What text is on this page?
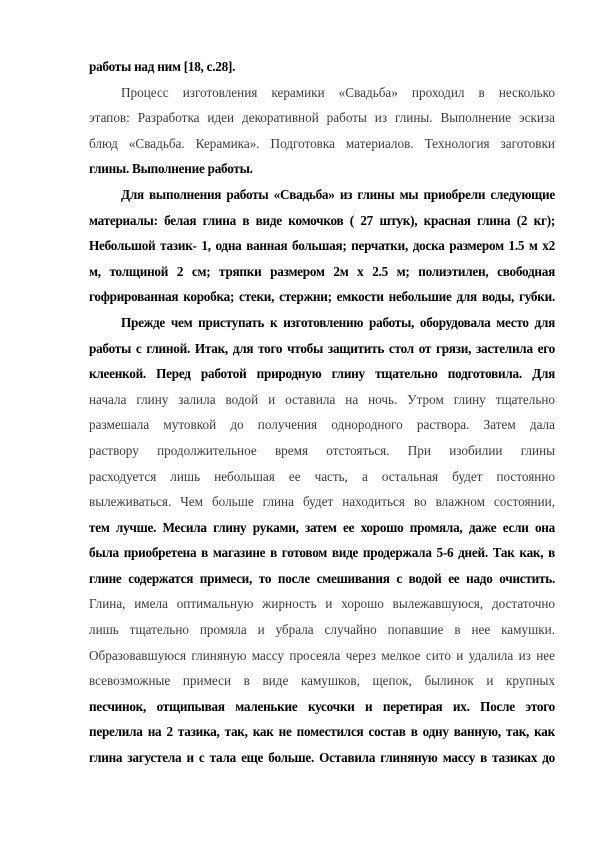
работы над ним [18, с.28].
Процесс изготовления керамики «Свадьба» проходил в несколько
этапов: Разработка идеи декоративной работы из глины. Выполнение эскиза
блюд «Свадьба. Керамика». Подготовка материалов. Технология заготовки
глины. Выполнение работы.
Для выполнения работы «Свадьба» из глины мы приобрели следующие
материалы: белая глина в виде комочков ( 27 штук), красная глина (2 кг);
Небольшой тазик- 1, одна ванная большая; перчатки, доска размером 1.5 м х2
м, толщиной 2 см; тряпки размером 2м х 2.5 м; полиэтилен, свободная
гофрированная коробка; стеки, стержни; емкости небольшие для воды, губки.
Прежде чем приступать к изготовлению работы, оборудовала место для
работы с глиной. Итак, для того чтобы защитить стол от грязи, застелила его
клеенкой. Перед работой природную глину тщательно подготовила. Для
начала глину залила водой и оставила на ночь. Утром глину тщательно
размешала мутовкой до получения однородного раствора. Затем дала
раствору продолжительное время отстояться. При изобилии глины
расходуется лишь небольшая ее часть, а остальная будет постоянно
вылеживаться. Чем больше глина будет находиться во влажном состоянии,
тем лучше. Месила глину руками, затем ее хорошо промяла, даже если она
была приобретена в магазине в готовом виде продержала 5-6 дней. Так как, в
глине содержатся примеси, то после смешивания с водой ее надо очистить.
Глина, имела оптимальную жирность и хорошо вылежавшуюся, достаточно
лишь тщательно промяла и убрала случайно попавшие в нее камушки.
Образовавшуюся глиняную массу просеяла через мелкое сито и удалила из нее
всевозможные примеси в виде камушков, щепок, былинок и крупных
песчинок, отщипывая маленькие кусочки и перетирая их. После этого
перелила на 2 тазика, так, как не поместился состав в одну ванную, так, как
глина загустела и с тала еще больше. Оставила глиняную массу в тазиках до
